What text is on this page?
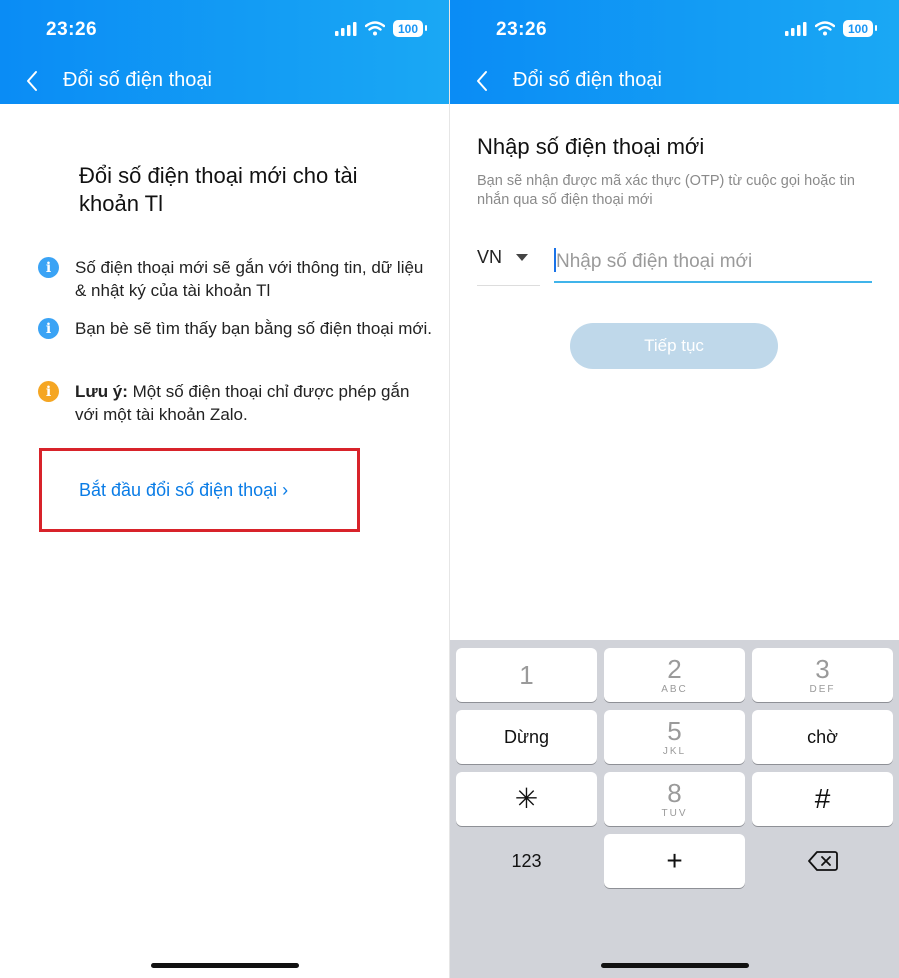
23:26	100
Đổi số điện thoại
Đổi số điện thoại mới cho tài khoản Tl
i	Số điện thoại mới sẽ gắn với thông tin, dữ liệu & nhật ký của tài khoản Tl
i	Bạn bè sẽ tìm thấy bạn bằng số điện thoại mới.
i	Lưu ý: Một số điện thoại chỉ được phép gắn với một tài khoản Zalo.
Bắt đầu đổi số điện thoại ›
23:26	100
Đổi số điện thoại
Nhập số điện thoại mới
Bạn sẽ nhận được mã xác thực (OTP) từ cuộc gọi hoặc tin nhắn qua số điện thoại mới
VN
Nhập số điện thoại mới
Tiếp tục
1	2
ABC
3
DEF
Dừng	5
JKL
chờ
✳	8
TUV	#
123	+
